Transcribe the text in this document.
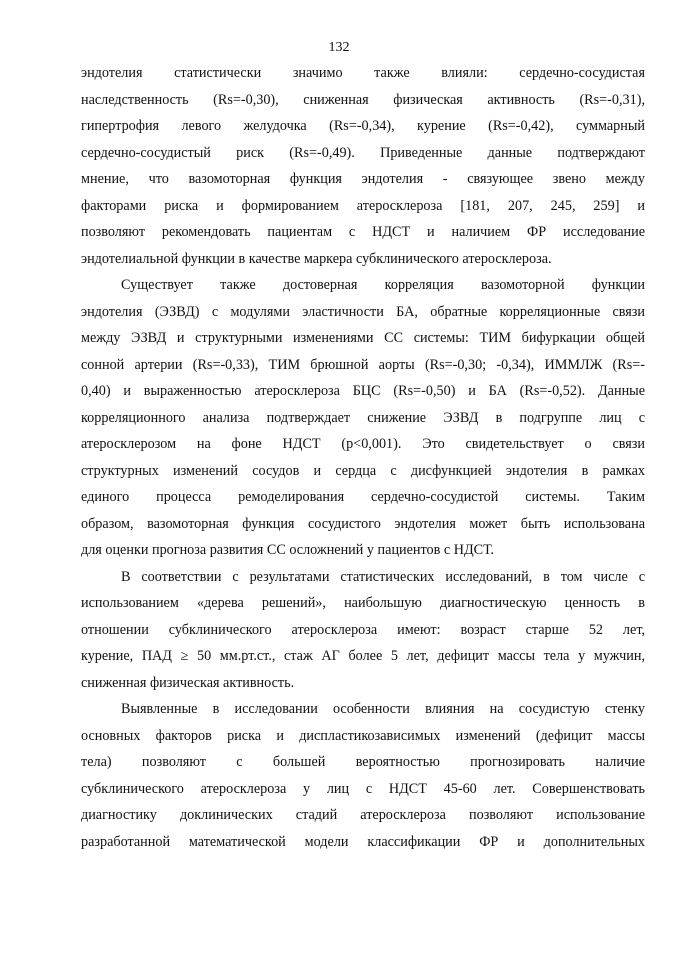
132
эндотелия статистически значимо также влияли: сердечно-сосудистая
наследственность (Rs=-0,30), сниженная физическая активность (Rs=-0,31),
гипертрофия левого желудочка (Rs=-0,34), курение (Rs=-0,42), суммарный
сердечно-сосудистый риск (Rs=-0,49). Приведенные данные подтверждают
мнение, что вазомоторная функция эндотелия - связующее звено между
факторами риска и формированием атеросклероза [181, 207, 245, 259] и
позволяют рекомендовать пациентам с НДСТ и наличием ФР исследование
эндотелиальной функции в качестве маркера субклинического атеросклероза.
Существует также достоверная корреляция вазомоторной функции
эндотелия (ЭЗВД) с модулями эластичности БА, обратные корреляционные связи
между ЭЗВД и структурными изменениями СС системы: ТИМ бифуркации общей
сонной артерии (Rs=-0,33), ТИМ брюшной аорты (Rs=-0,30; -0,34), ИММЛЖ (Rs=-
0,40) и выраженностью атеросклероза БЦС (Rs=-0,50) и БА (Rs=-0,52). Данные
корреляционного анализа подтверждает снижение ЭЗВД в подгруппе лиц с
атеросклерозом на фоне НДСТ (р<0,001). Это свидетельствует о связи
структурных изменений сосудов и сердца с дисфункцией эндотелия в рамках
единого процесса ремоделирования сердечно-сосудистой системы. Таким
образом, вазомоторная функция сосудистого эндотелия может быть использована
для оценки прогноза развития СС осложнений у пациентов с НДСТ.
В соответствии с результатами статистических исследований, в том числе с
использованием «дерева решений», наибольшую диагностическую ценность в
отношении субклинического атеросклероза имеют: возраст старше 52 лет,
курение, ПАД ≥ 50 мм.рт.ст., стаж АГ более 5 лет, дефицит массы тела у мужчин,
сниженная физическая активность.
Выявленные в исследовании особенности влияния на сосудистую стенку
основных факторов риска и диспластикозависимых изменений (дефицит массы
тела) позволяют с большей вероятностью прогнозировать наличие
субклинического атеросклероза у лиц с НДСТ 45-60 лет. Совершенствовать
диагностику доклинических стадий атеросклероза позволяют использование
разработанной математической модели классификации ФР и дополнительных
